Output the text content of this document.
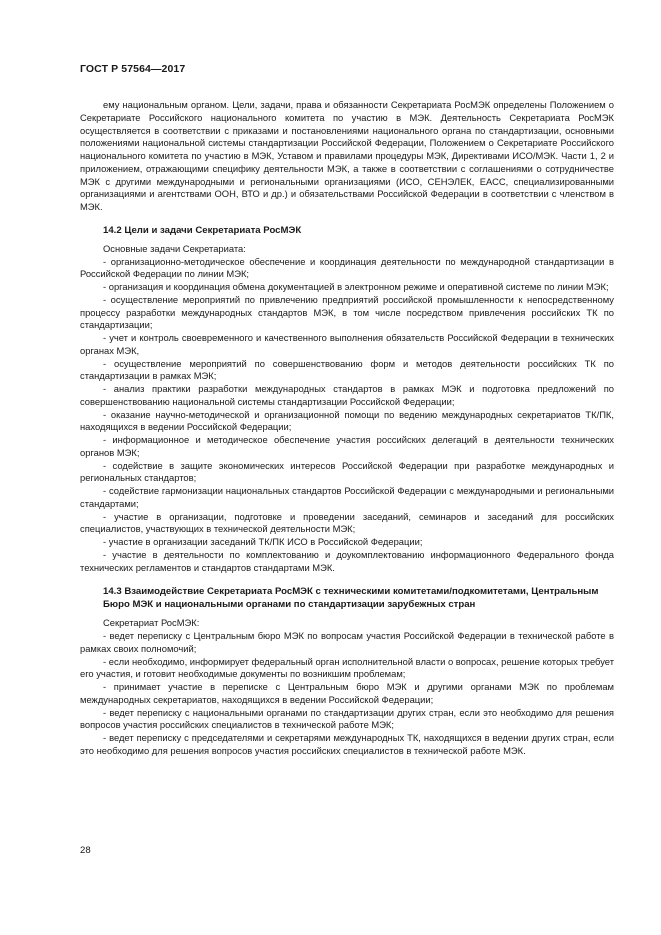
ГОСТ Р 57564—2017

ему национальным органом. Цели, задачи, права и обязанности Секретариата РосМЭК определены Положением о Секретариате Российского национального комитета по участию в МЭК. Деятельность Секретариата РосМЭК осуществляется в соответствии с приказами и постановлениями национального органа по стандартизации, основными положениями национальной системы стандартизации Российской Федерации, Положением о Секретариате Российского национального комитета по участию в МЭК, Уставом и правилами процедуры МЭК, Директивами ИСО/МЭК. Части 1, 2 и приложением, отражающими специфику деятельности МЭК, а также в соответствии с соглашениями о сотрудничестве МЭК с другими международными и региональными организациями (ИСО, СЕНЭЛЕК, ЕАСС, специализированными организациями и агентствами ООН, ВТО и др.) и обязательствами Российской Федерации в соответствии с членством в МЭК.

14.2 Цели и задачи Секретариата РосМЭК

Основные задачи Секретариата:

- организационно-методическое обеспечение и координация деятельности по международной стандартизации в Российской Федерации по линии МЭК;

- организация и координация обмена документацией в электронном режиме и оперативной системе по линии МЭК;

- осуществление мероприятий по привлечению предприятий российской промышленности к непосредственному процессу разработки международных стандартов МЭК, в том числе посредством привлечения российских ТК по стандартизации;

- учет и контроль своевременного и качественного выполнения обязательств Российской Федерации в технических органах МЭК,

- осуществление мероприятий по совершенствованию форм и методов деятельности российских ТК по стандартизации в рамках МЭК;

- анализ практики разработки международных стандартов в рамках МЭК и подготовка предложений по совершенствованию национальной системы стандартизации Российской Федерации;

- оказание научно-методической и организационной помощи по ведению международных секретариатов ТК/ПК, находящихся в ведении Российской Федерации;

- информационное и методическое обеспечение участия российских делегаций в деятельности технических органов МЭК;

- содействие в защите экономических интересов Российской Федерации при разработке международных и региональных стандартов;

- содействие гармонизации национальных стандартов Российской Федерации с международными и региональными стандартами;

- участие в организации, подготовке и проведении заседаний, семинаров и заседаний для российских специалистов, участвующих в технической деятельности МЭК;

- участие в организации заседаний ТК/ПК ИСО в Российской Федерации;

- участие в деятельности по комплектованию и доукомплектованию информационного Федерального фонда технических регламентов и стандартов стандартами МЭК.

14.3 Взаимодействие Секретариата РосМЭК с техническими комитетами/подкомитетами, Центральным Бюро МЭК и национальными органами по стандартизации зарубежных стран

Секретариат РосМЭК:

- ведет переписку с Центральным бюро МЭК по вопросам участия Российской Федерации в технической работе в рамках своих полномочий;

- если необходимо, информирует федеральный орган исполнительной власти о вопросах, решение которых требует его участия, и готовит необходимые документы по возникшим проблемам;

- принимает участие в переписке с Центральным бюро МЭК и другими органами МЭК по проблемам международных секретариатов, находящихся в ведении Российской Федерации;

- ведет переписку с национальными органами по стандартизации других стран, если это необходимо для решения вопросов участия российских специалистов в технической работе МЭК;

- ведет переписку с председателями и секретарями международных ТК, находящихся в ведении других стран, если это необходимо для решения вопросов участия российских специалистов в технической работе МЭК.

28
